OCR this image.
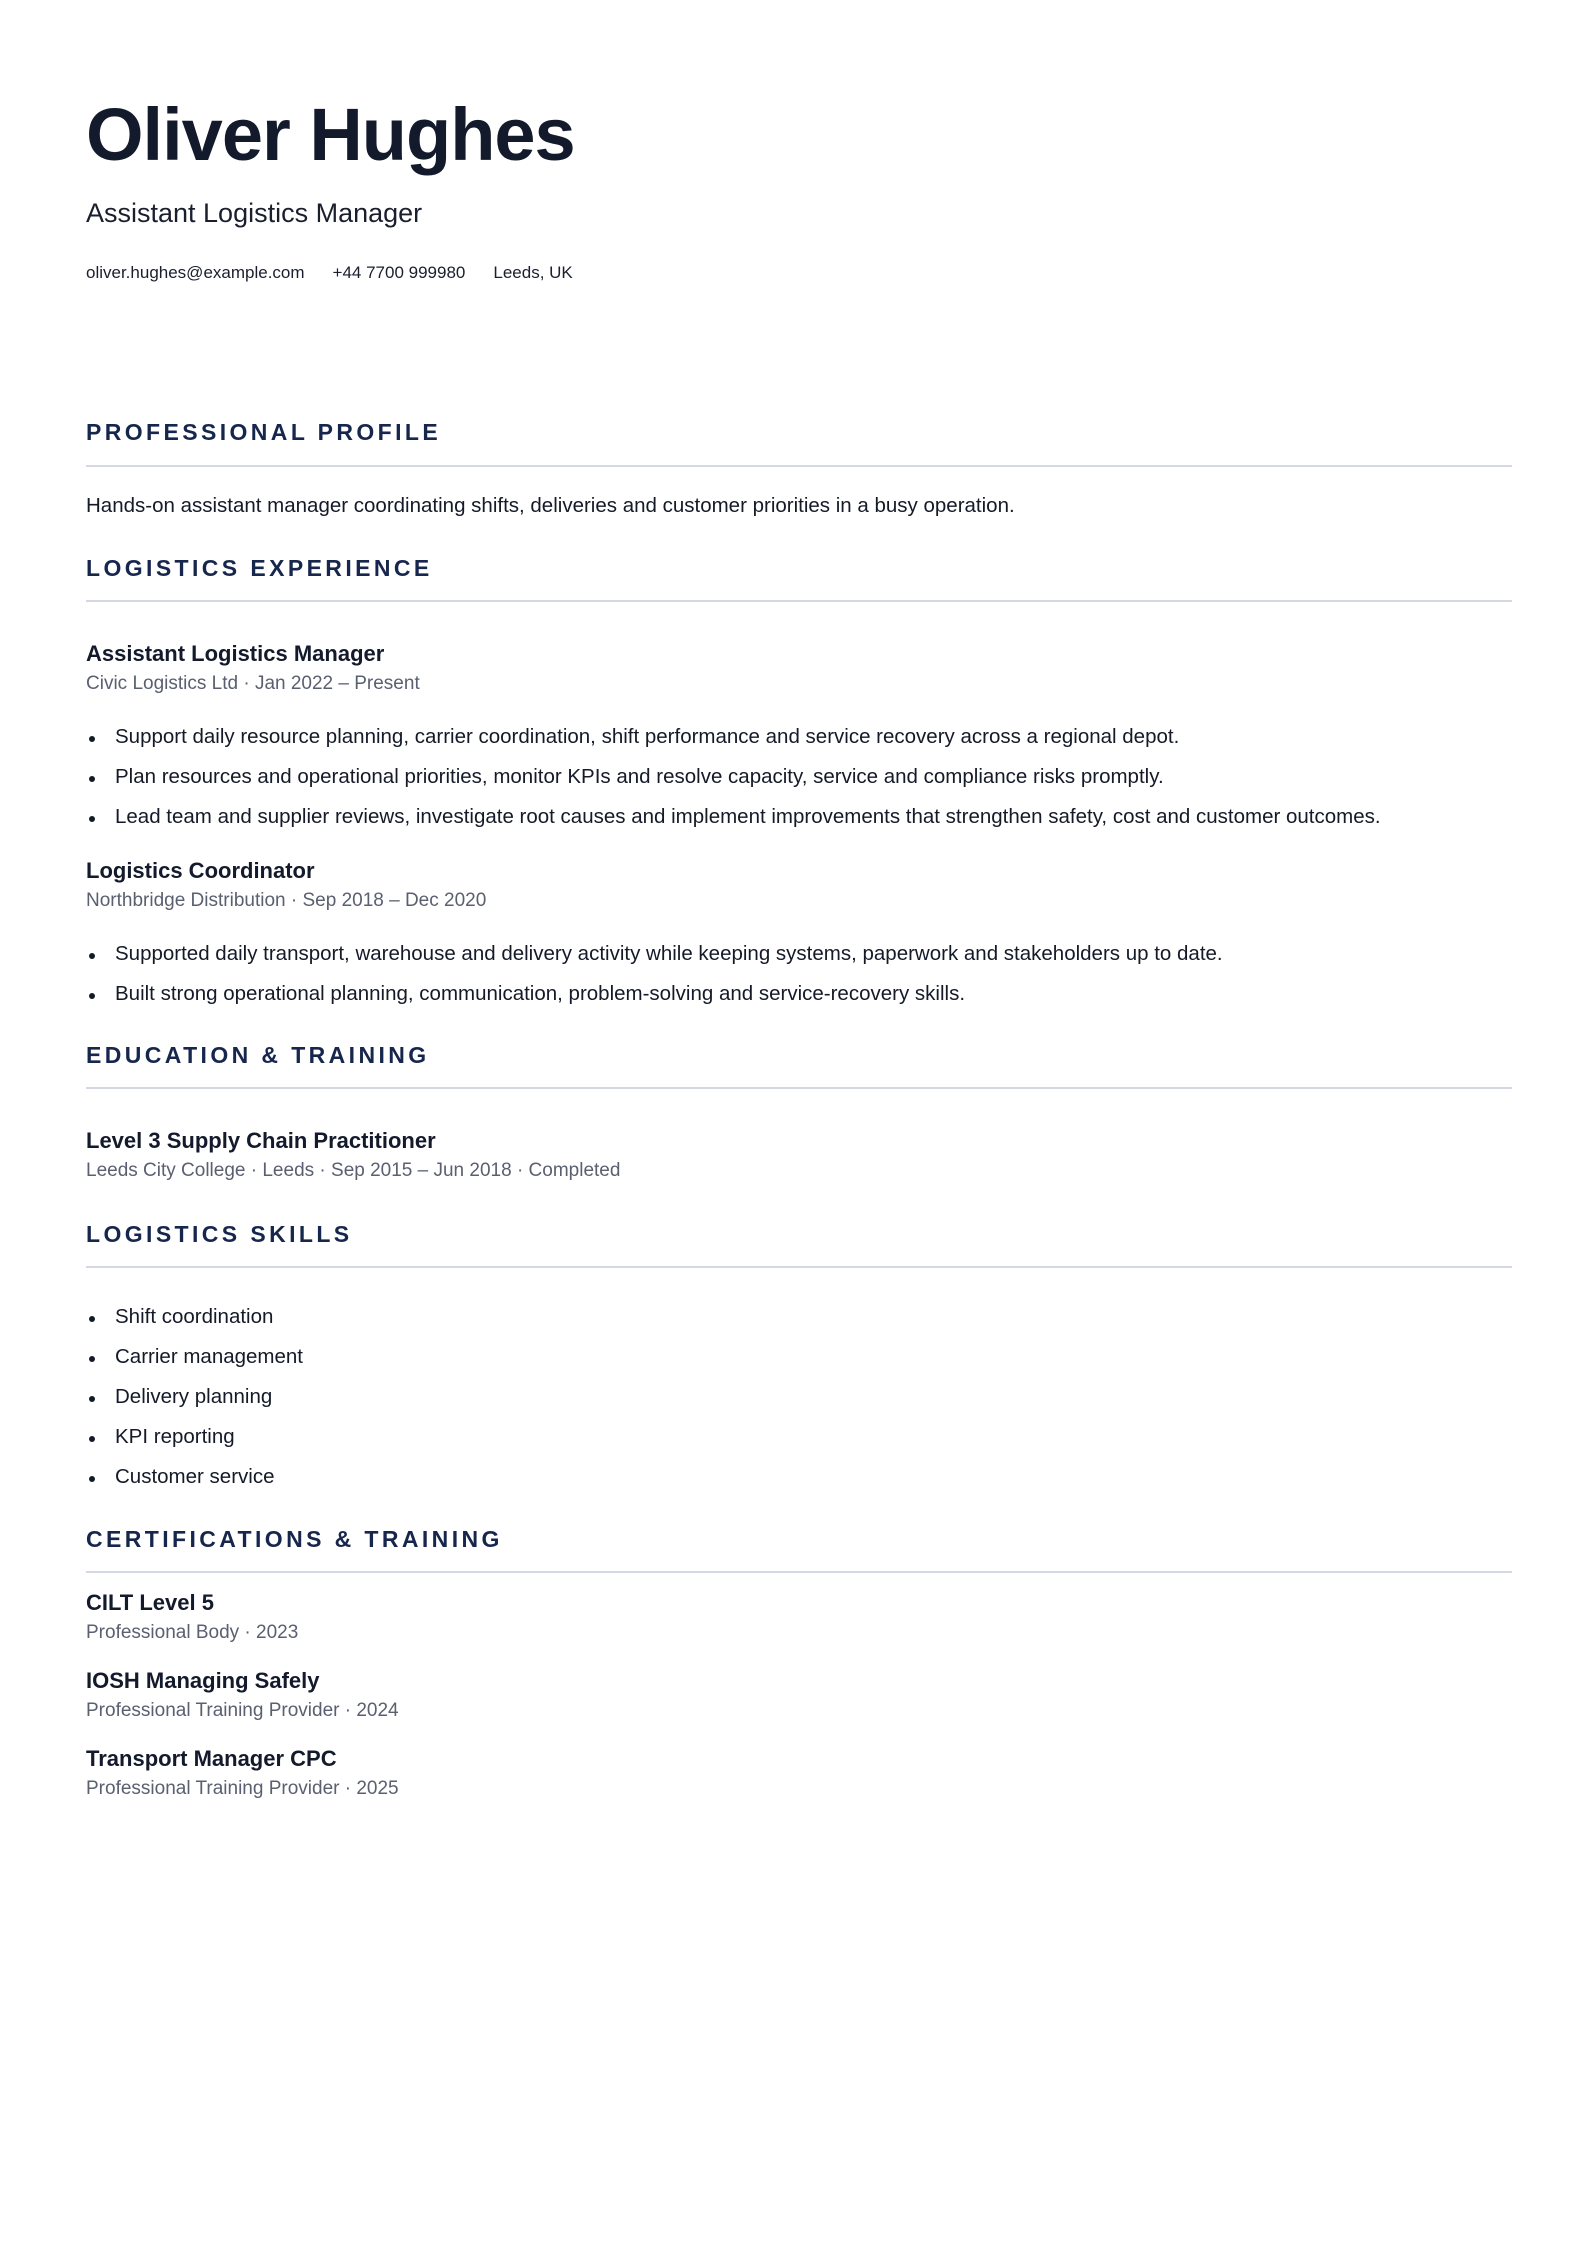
Oliver Hughes
Assistant Logistics Manager
oliver.hughes@example.com +44 7700 999980 Leeds, UK
PROFESSIONAL PROFILE
Hands-on assistant manager coordinating shifts, deliveries and customer priorities in a busy operation.
LOGISTICS EXPERIENCE
Assistant Logistics Manager
Civic Logistics Ltd · Jan 2022 – Present
Support daily resource planning, carrier coordination, shift performance and service recovery across a regional depot.
Plan resources and operational priorities, monitor KPIs and resolve capacity, service and compliance risks promptly.
Lead team and supplier reviews, investigate root causes and implement improvements that strengthen safety, cost and customer outcomes.
Logistics Coordinator
Northbridge Distribution · Sep 2018 – Dec 2020
Supported daily transport, warehouse and delivery activity while keeping systems, paperwork and stakeholders up to date.
Built strong operational planning, communication, problem-solving and service-recovery skills.
EDUCATION & TRAINING
Level 3 Supply Chain Practitioner
Leeds City College · Leeds · Sep 2015 – Jun 2018 · Completed
LOGISTICS SKILLS
Shift coordination
Carrier management
Delivery planning
KPI reporting
Customer service
CERTIFICATIONS & TRAINING
CILT Level 5
Professional Body · 2023
IOSH Managing Safely
Professional Training Provider · 2024
Transport Manager CPC
Professional Training Provider · 2025
